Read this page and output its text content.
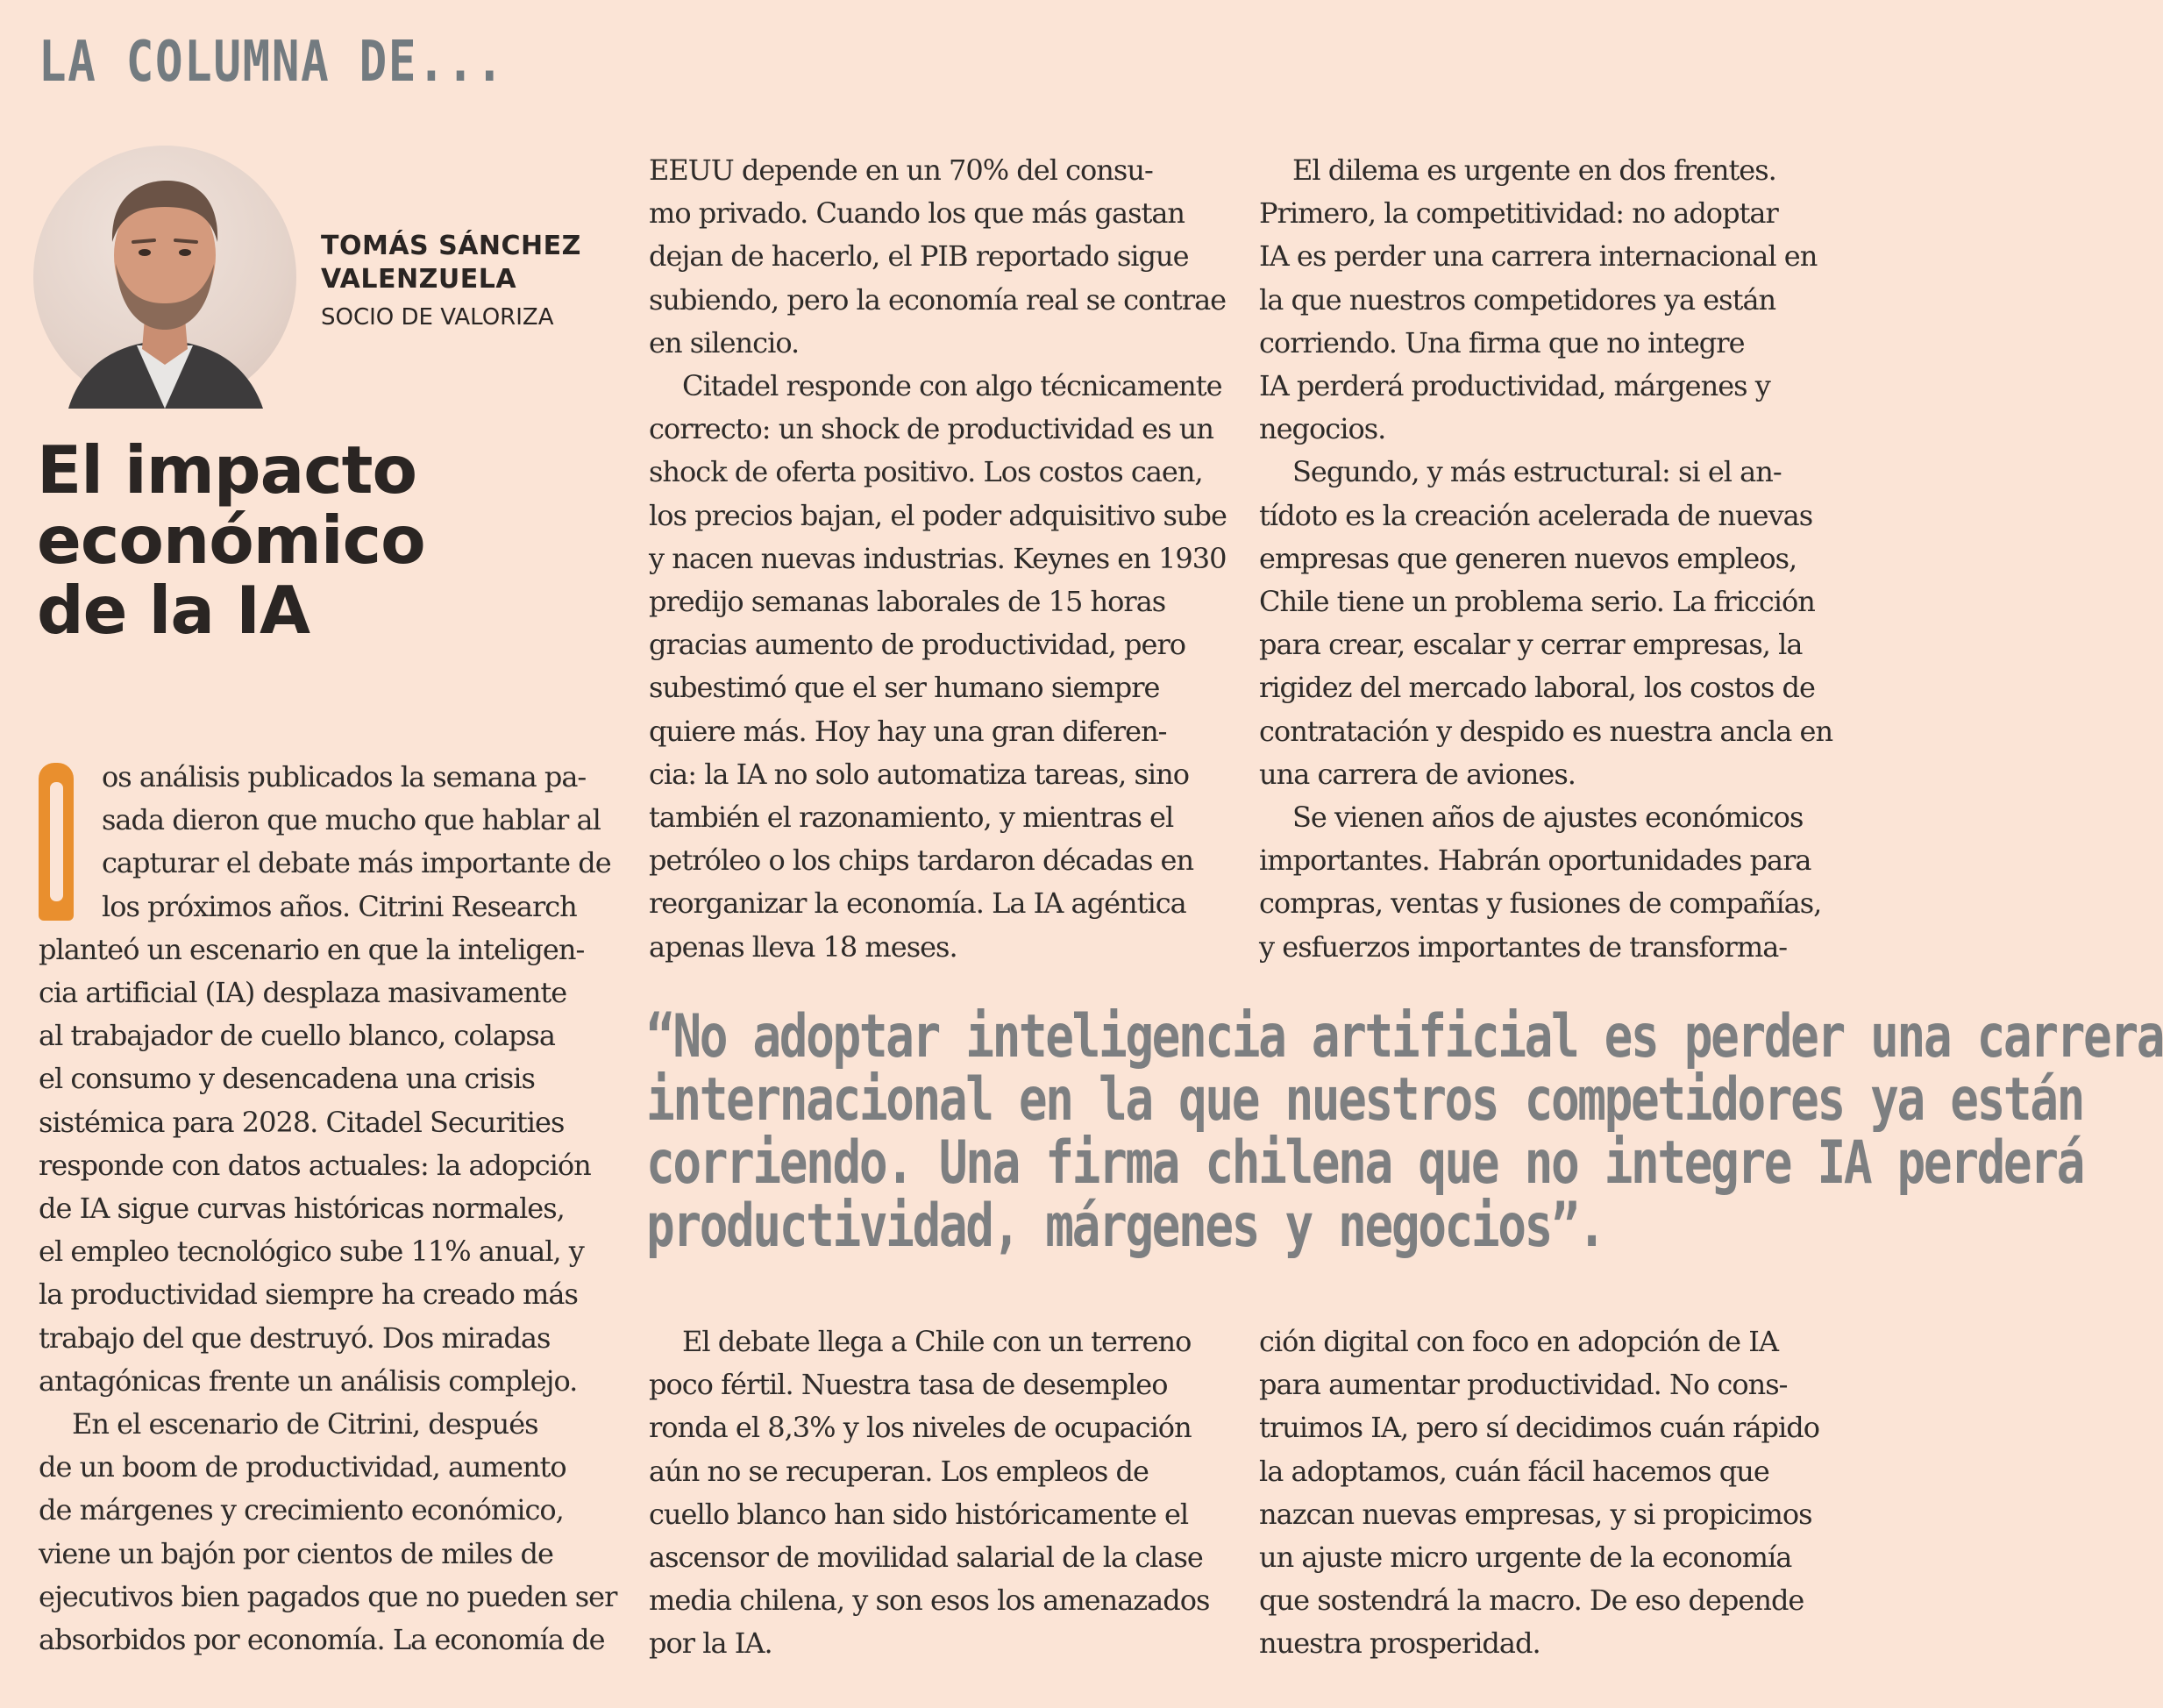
LA COLUMNA DE...
TOMÁS SÁNCHEZ
VALENZUELA
SOCIO DE VALORIZA
El impacto
económico
de la IA
os análisis publicados la semana pa-
sada dieron que mucho que hablar al
capturar el debate más importante de
los próximos años. Citrini Research
planteó un escenario en que la inteligen-
cia artificial (IA) desplaza masivamente
al trabajador de cuello blanco, colapsa
el consumo y desencadena una crisis
sistémica para 2028. Citadel Securities
responde con datos actuales: la adopción
de IA sigue curvas históricas normales,
el empleo tecnológico sube 11% anual, y
la productividad siempre ha creado más
trabajo del que destruyó. Dos miradas
antagónicas frente un análisis complejo.
En el escenario de Citrini, después
de un boom de productividad, aumento
de márgenes y crecimiento económico,
viene un bajón por cientos de miles de
ejecutivos bien pagados que no pueden ser
absorbidos por economía. La economía de
EEUU depende en un 70% del consu-
mo privado. Cuando los que más gastan
dejan de hacerlo, el PIB reportado sigue
subiendo, pero la economía real se contrae
en silencio.
Citadel responde con algo técnicamente
correcto: un shock de productividad es un
shock de oferta positivo. Los costos caen,
los precios bajan, el poder adquisitivo sube
y nacen nuevas industrias. Keynes en 1930
predijo semanas laborales de 15 horas
gracias aumento de productividad, pero
subestimó que el ser humano siempre
quiere más. Hoy hay una gran diferen-
cia: la IA no solo automatiza tareas, sino
también el razonamiento, y mientras el
petróleo o los chips tardaron décadas en
reorganizar la economía. La IA agéntica
apenas lleva 18 meses.
El dilema es urgente en dos frentes.
Primero, la competitividad: no adoptar
IA es perder una carrera internacional en
la que nuestros competidores ya están
corriendo. Una firma que no integre
IA perderá productividad, márgenes y
negocios.
Segundo, y más estructural: si el an-
tídoto es la creación acelerada de nuevas
empresas que generen nuevos empleos,
Chile tiene un problema serio. La fricción
para crear, escalar y cerrar empresas, la
rigidez del mercado laboral, los costos de
contratación y despido es nuestra ancla en
una carrera de aviones.
Se vienen años de ajustes económicos
importantes. Habrán oportunidades para
compras, ventas y fusiones de compañías,
y esfuerzos importantes de transforma-
“No adoptar inteligencia artificial es perder una carrera
internacional en la que nuestros competidores ya están
corriendo. Una firma chilena que no integre IA perderá
productividad, márgenes y negocios”.
El debate llega a Chile con un terreno
poco fértil. Nuestra tasa de desempleo
ronda el 8,3% y los niveles de ocupación
aún no se recuperan. Los empleos de
cuello blanco han sido históricamente el
ascensor de movilidad salarial de la clase
media chilena, y son esos los amenazados
por la IA.
ción digital con foco en adopción de IA
para aumentar productividad. No cons-
truimos IA, pero sí decidimos cuán rápido
la adoptamos, cuán fácil hacemos que
nazcan nuevas empresas, y si propicimos
un ajuste micro urgente de la economía
que sostendrá la macro. De eso depende
nuestra prosperidad.
